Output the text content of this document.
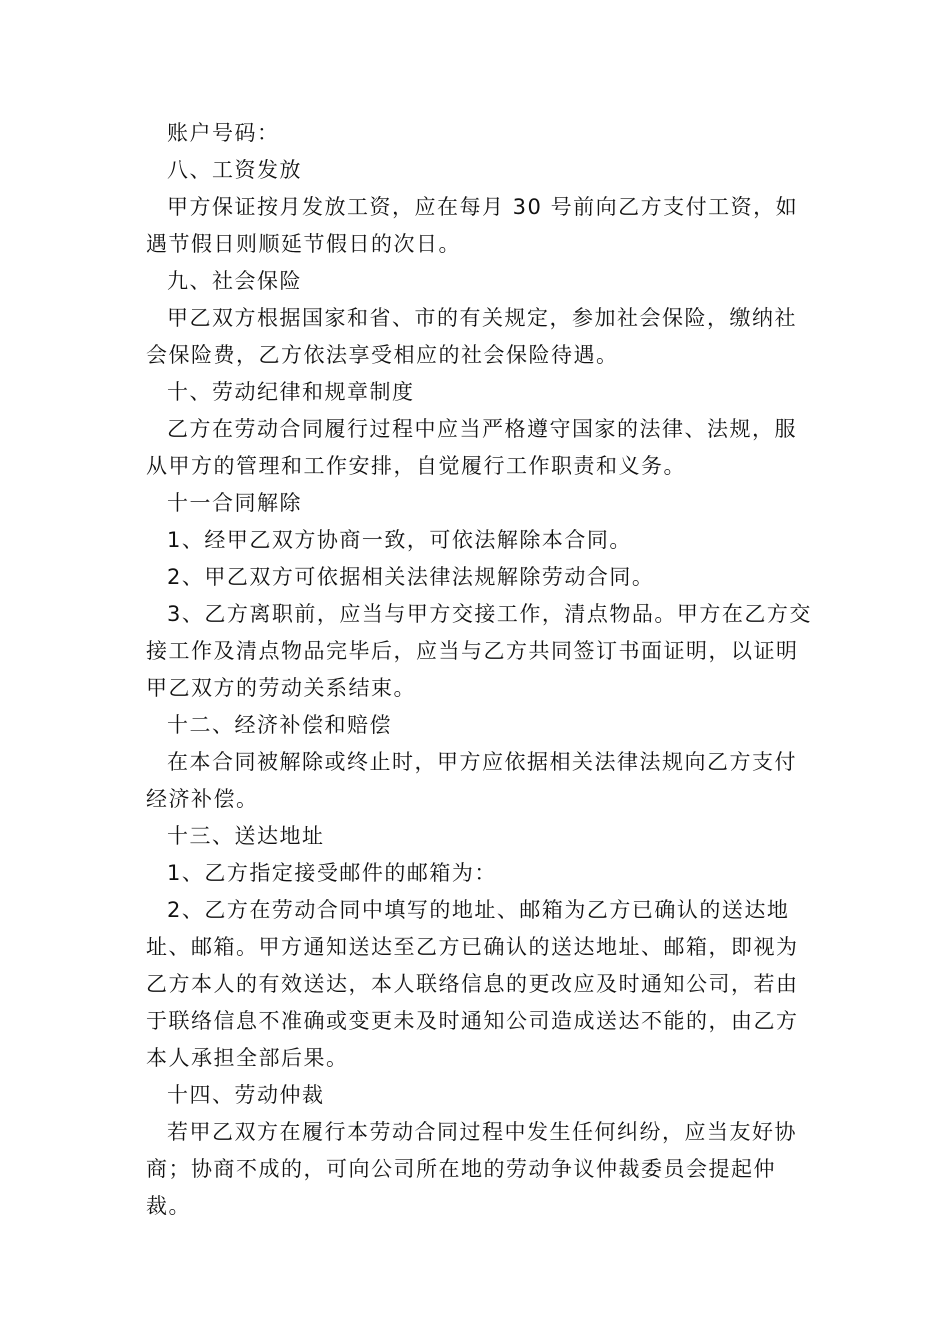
账户号码：

八、工资发放

甲方保证按月发放工资，应在每月 30 号前向乙方支付工资，如遇节假日则顺延节假日的次日。

九、社会保险

甲乙双方根据国家和省、市的有关规定，参加社会保险，缴纳社会保险费，乙方依法享受相应的社会保险待遇。

十、劳动纪律和规章制度

乙方在劳动合同履行过程中应当严格遵守国家的法律、法规，服从甲方的管理和工作安排，自觉履行工作职责和义务。

十一合同解除

1、经甲乙双方协商一致，可依法解除本合同。

2、甲乙双方可依据相关法律法规解除劳动合同。

3、乙方离职前，应当与甲方交接工作，清点物品。甲方在乙方交接工作及清点物品完毕后，应当与乙方共同签订书面证明，以证明甲乙双方的劳动关系结束。

十二、经济补偿和赔偿

在本合同被解除或终止时，甲方应依据相关法律法规向乙方支付经济补偿。

十三、送达地址

1、乙方指定接受邮件的邮箱为：

2、乙方在劳动合同中填写的地址、邮箱为乙方已确认的送达地址、邮箱。甲方通知送达至乙方已确认的送达地址、邮箱，即视为乙方本人的有效送达，本人联络信息的更改应及时通知公司，若由于联络信息不准确或变更未及时通知公司造成送达不能的，由乙方本人承担全部后果。

十四、劳动仲裁

若甲乙双方在履行本劳动合同过程中发生任何纠纷，应当友好协商；协商不成的，可向公司所在地的劳动争议仲裁委员会提起仲裁。
